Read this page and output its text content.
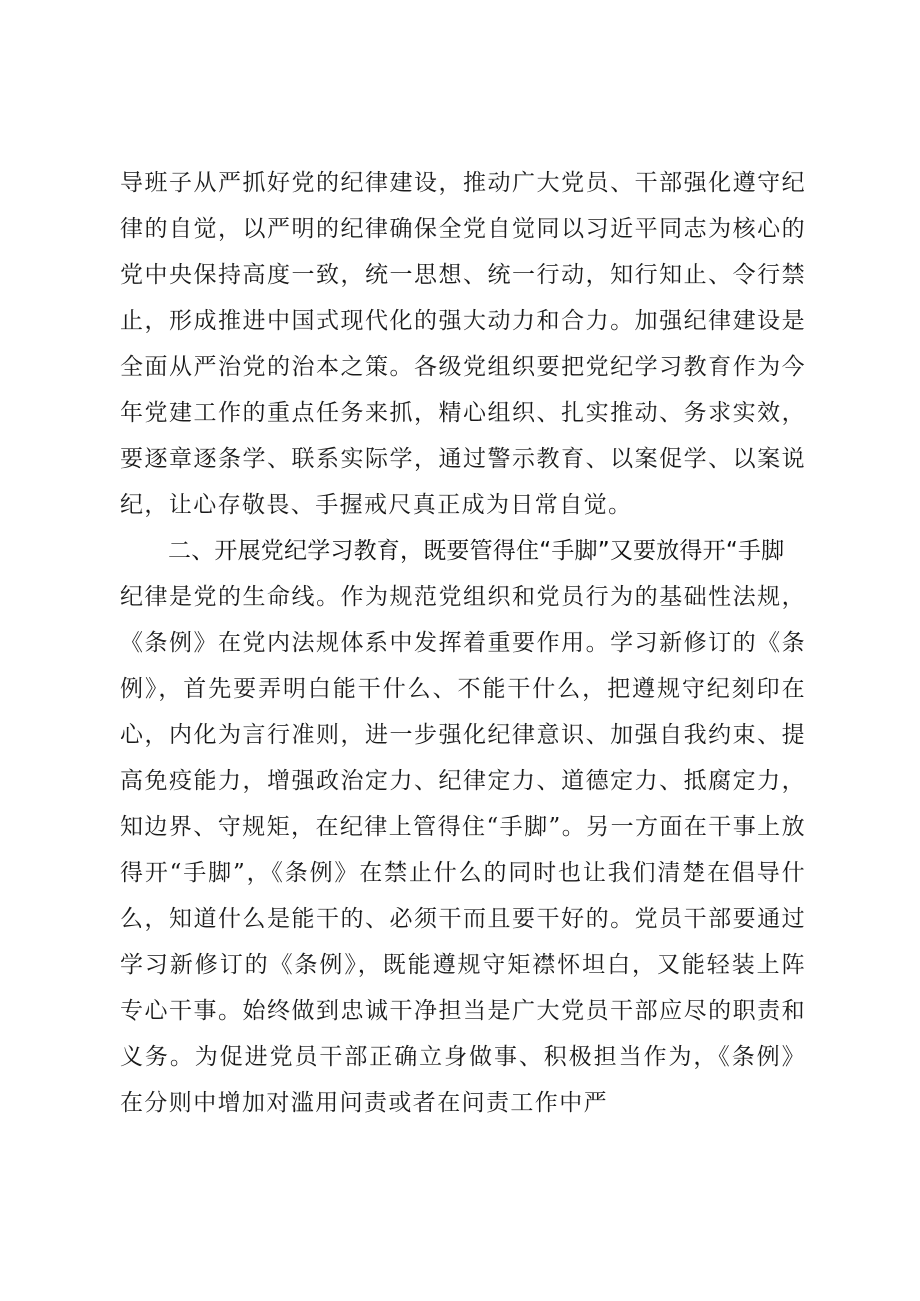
导班子从严抓好党的纪律建设，推动广大党员、干部强化遵守纪律的自觉，以严明的纪律确保全党自觉同以习近平同志为核心的党中央保持高度一致，统一思想、统一行动，知行知止、令行禁止，形成推进中国式现代化的强大动力和合力。加强纪律建设是全面从严治党的治本之策。各级党组织要把党纪学习教育作为今年党建工作的重点任务来抓，精心组织、扎实推动、务求实效，要逐章逐条学、联系实际学，通过警示教育、以案促学、以案说纪，让心存敬畏、手握戒尺真正成为日常自觉。

二、开展党纪学习教育，既要管得住“手脚”又要放得开“手脚

纪律是党的生命线。作为规范党组织和党员行为的基础性法规，《条例》在党内法规体系中发挥着重要作用。学习新修订的《条例》，首先要弄明白能干什么、不能干什么，把遵规守纪刻印在心，内化为言行准则，进一步强化纪律意识、加强自我约束、提高免疫能力，增强政治定力、纪律定力、道德定力、抵腐定力，知边界、守规矩，在纪律上管得住“手脚”。另一方面在干事上放得开“手脚”，《条例》在禁止什么的同时也让我们清楚在倡导什么，知道什么是能干的、必须干而且要干好的。党员干部要通过学习新修订的《条例》，既能遵规守矩襟怀坦白，又能轻装上阵专心干事。始终做到忠诚干净担当是广大党员干部应尽的职责和义务。为促进党员干部正确立身做事、积极担当作为，《条例》在分则中增加对滥用问责或者在问责工作中严
